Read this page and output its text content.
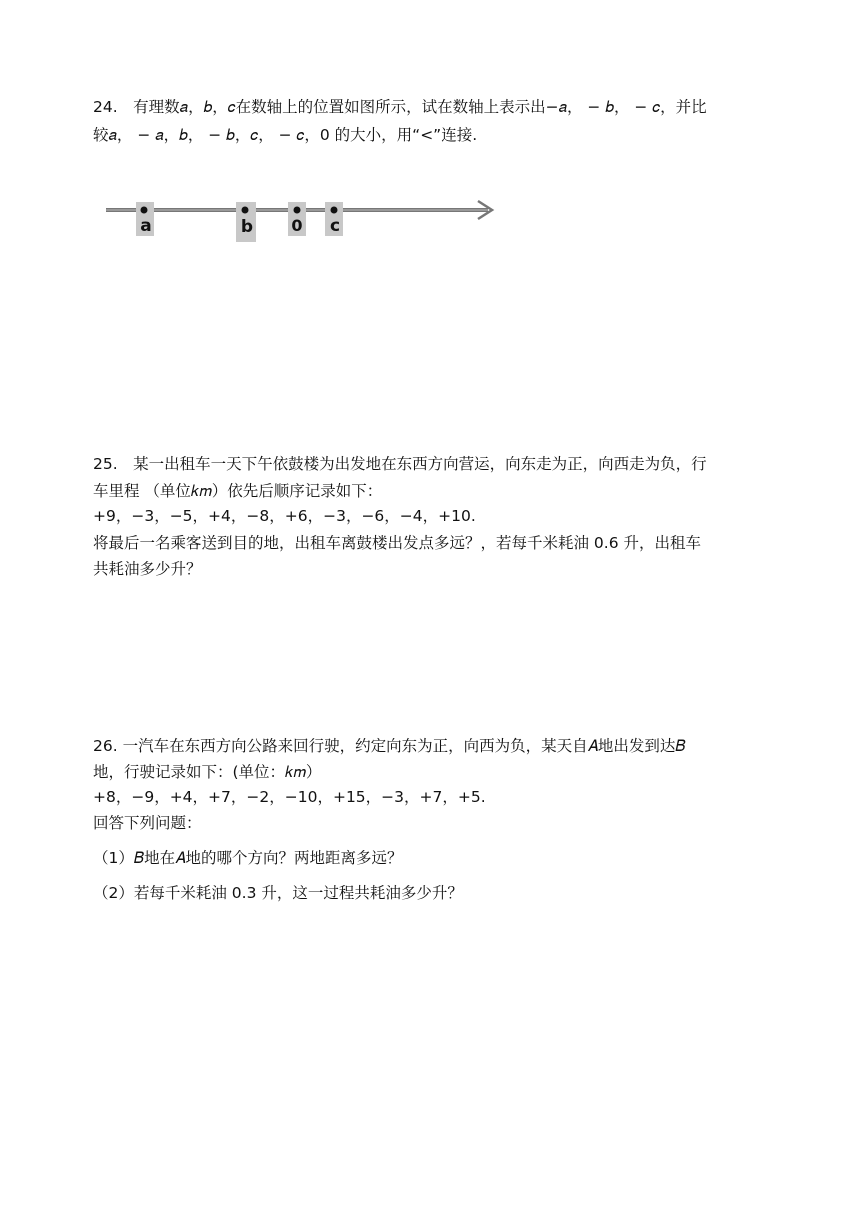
24.　有理数𝑎，𝑏，𝑐在数轴上的位置如图所示，试在数轴上表示出−𝑎， − 𝑏， − 𝑐，并比
较𝑎， − 𝑎，𝑏， − 𝑏，𝑐， − 𝑐，0 的大小，用“<”连接.
a	b 0 c
25.　某一出租车一天下午依鼓楼为出发地在东西方向营运，向东走为正，向西走为负，行
车里程 （单位𝑘𝑚）依先后顺序记录如下：
+9，−3，−5，+4，−8，+6，−3，−6，−4，+10.
将最后一名乘客送到目的地，出租车离鼓楼出发点多远？，若每千米耗油 0.6 升，出租车
共耗油多少升？
26. 一汽车在东西方向公路来回行驶，约定向东为正，向西为负，某天自𝐴地出发到达𝐵
地，行驶记录如下：(单位：𝑘𝑚）
+8，−9，+4，+7，−2，−10，+15，−3，+7，+5.
回答下列问题：
（1）𝐵地在𝐴地的哪个方向？两地距离多远？
（2）若每千米耗油 0.3 升，这一过程共耗油多少升？
